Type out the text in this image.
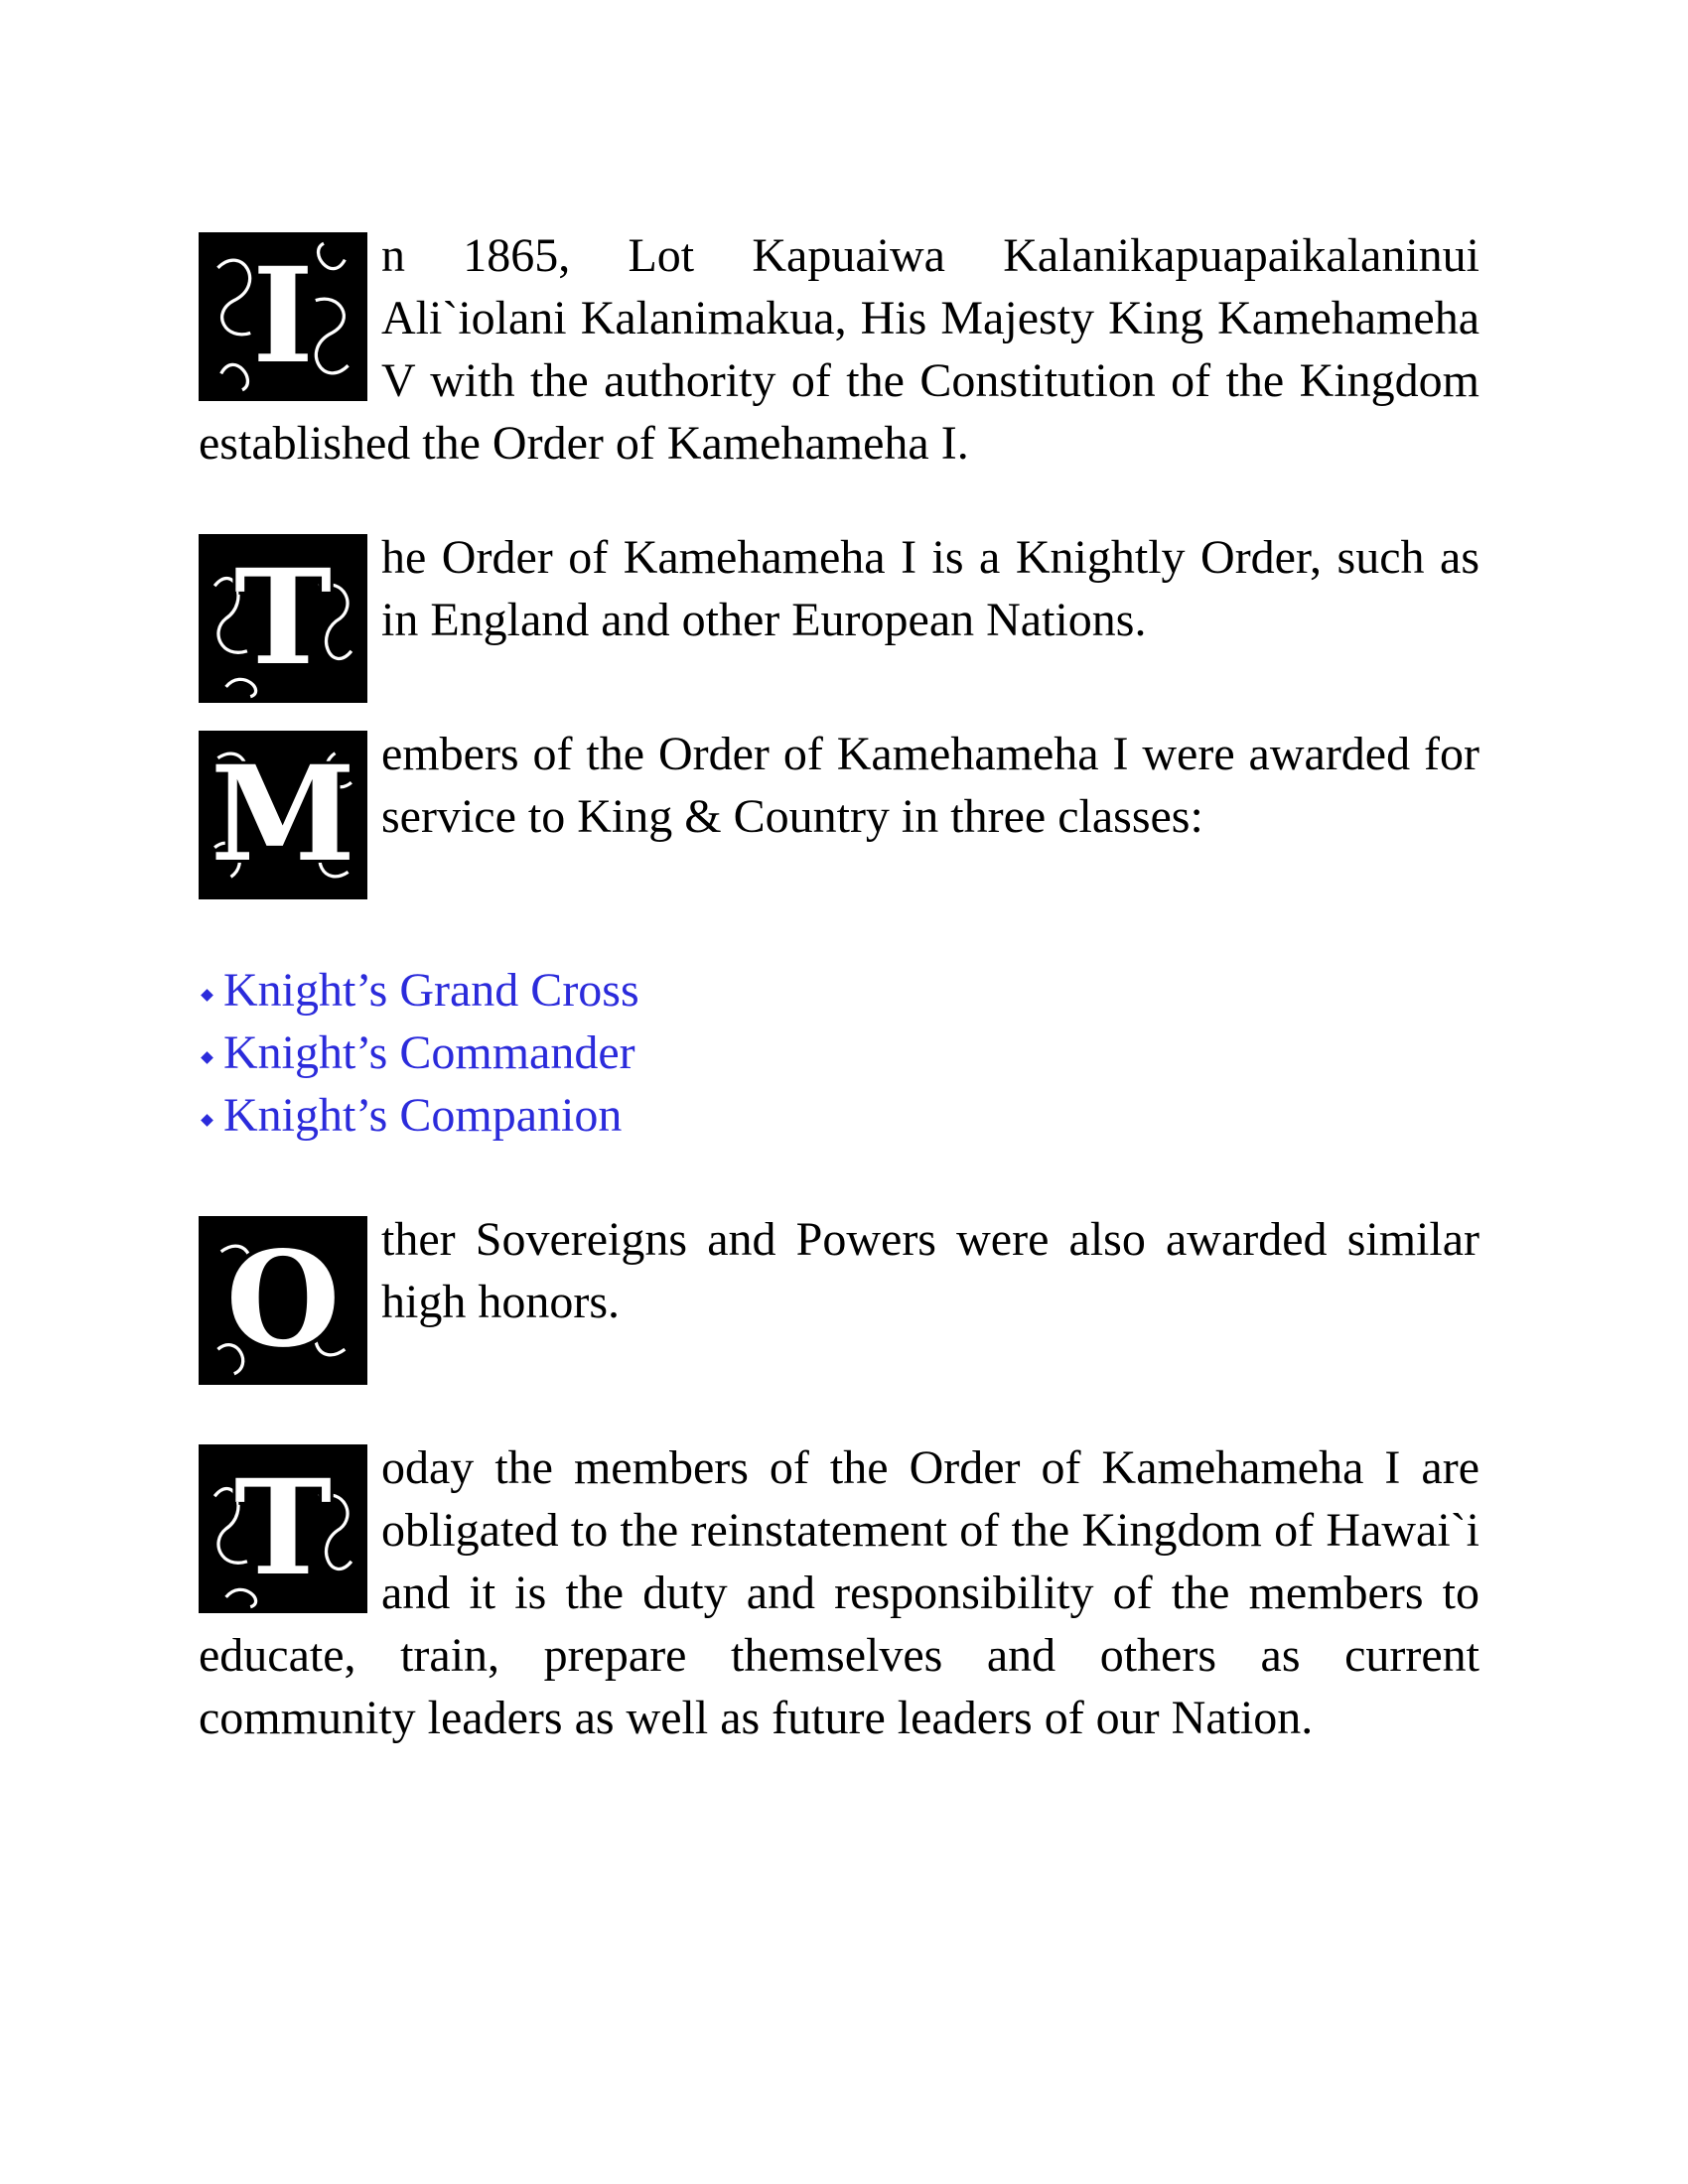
I	n 1865, Lot Kapuaiwa Kalanikapuapaikalaninui Ali`iolani Kalanimakua, His Majesty King Kamehameha V with the authority of the Constitution of the Kingdom established the Order of Kamehameha I.

T	he Order of Kamehameha I is a Knightly Order, such as in England and other European Nations.

M embers of the Order of Kamehameha I were awarded for service to King & Country in three classes:

Knight’s Grand Cross
Knight’s Commander
Knight’s Companion

O ther Sovereigns and Powers were also awarded similar high honors.

T	oday the members of the Order of Kamehameha I are obligated to the reinstatement of the Kingdom of Hawai`i and it is the duty and responsibility of the members to educate, train, prepare themselves and others as current community leaders as well as future leaders of our Nation.
